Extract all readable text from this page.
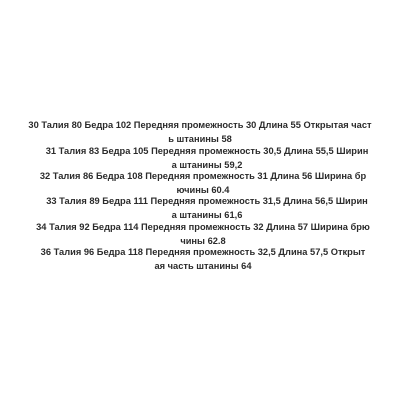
30 Талия 80 Бедра 102 Передняя промежность 30 Длина 55 Открытая часть штанины 58
31 Талия 83 Бедра 105 Передняя промежность 30,5 Длина 55,5 Ширина штанины 59,2
32 Талия 86 Бедра 108 Передняя промежность 31 Длина 56 Ширина брючины 60.4
33 Талия 89 Бедра 111 Передняя промежность 31,5 Длина 56,5 Ширина штанины 61,6
34 Талия 92 Бедра 114 Передняя промежность 32 Длина 57 Ширина брючины 62.8
36 Талия 96 Бедра 118 Передняя промежность 32,5 Длина 57,5 Открытая часть штанины 64
